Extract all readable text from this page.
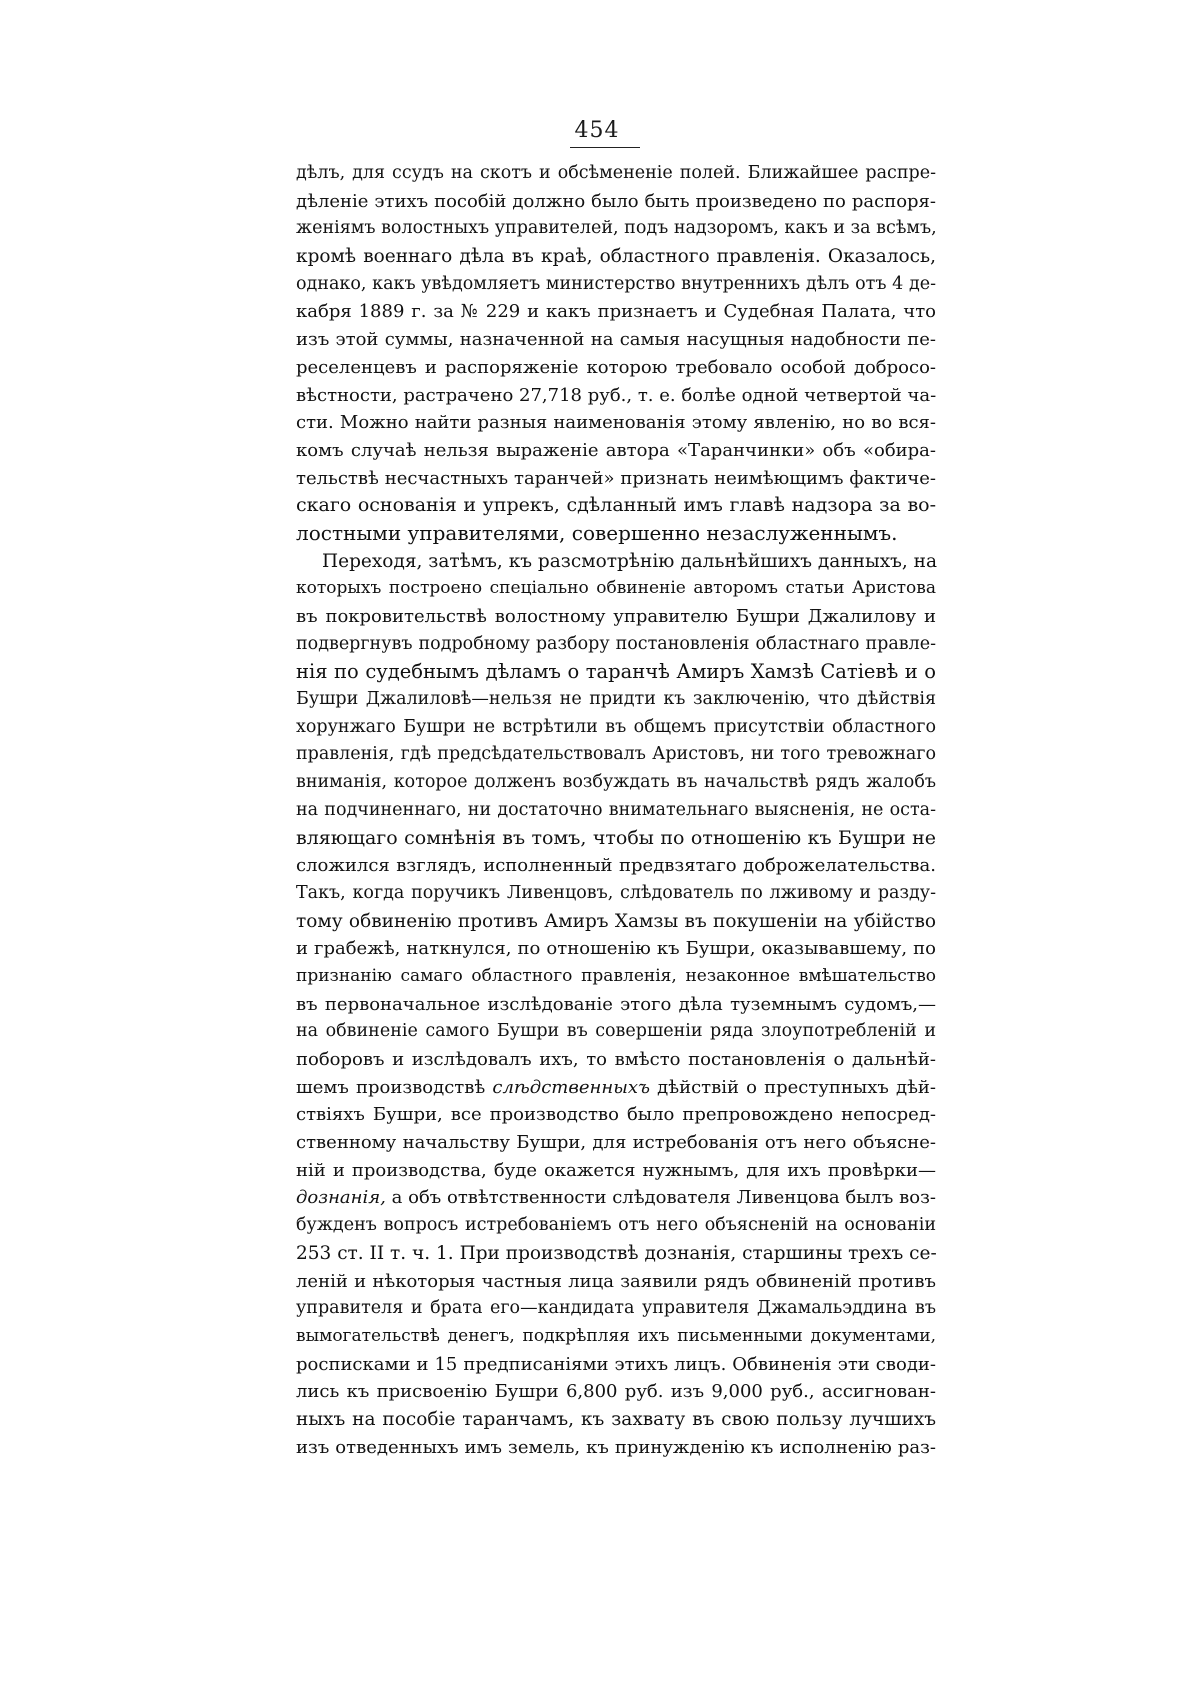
454
дѣлъ, для ссудъ на скотъ и обсѣмененіе полей. Ближайшее распре-
дѣленіе этихъ пособій должно было быть произведено по распоря-
женіямъ волостныхъ управителей, подъ надзоромъ, какъ и за всѣмъ,
кромѣ военнаго дѣла въ краѣ, областного правленія. Оказалось,
однако, какъ увѣдомляетъ министерство внутреннихъ дѣлъ отъ 4 де-
кабря 1889 г. за № 229 и какъ признаетъ и Судебная Палата, что
изъ этой суммы, назначенной на самыя насущныя надобности пе-
реселенцевъ и распоряженіе которою требовало особой добросо-
вѣстности, растрачено 27,718 руб., т. е. болѣе одной четвертой ча-
сти. Можно найти разныя наименованія этому явленію, но во вся-
комъ случаѣ нельзя выраженіе автора «Таранчинки» объ «обира-
тельствѣ несчастныхъ таранчей» признать неимѣющимъ фактиче-
скаго основанія и упрекъ, сдѣланный имъ главѣ надзора за во-
лостными управителями, совершенно незаслуженнымъ.
Переходя, затѣмъ, къ разсмотрѣнію дальнѣйшихъ данныхъ, на
которыхъ построено спеціально обвиненіе авторомъ статьи Аристова
въ покровительствѣ волостному управителю Бушри Джалилову и
подвергнувъ подробному разбору постановленія областнаго правле-
нія по судебнымъ дѣламъ о таранчѣ Амиръ Хамзѣ Сатіевѣ и о
Бушри Джалиловѣ—нельзя не придти къ заключенію, что дѣйствія
хорунжаго Бушри не встрѣтили въ общемъ присутствіи областного
правленія, гдѣ предсѣдательствовалъ Аристовъ, ни того тревожнаго
вниманія, которое долженъ возбуждать въ начальствѣ рядъ жалобъ
на подчиненнаго, ни достаточно внимательнаго выясненія, не оста-
вляющаго сомнѣнія въ томъ, чтобы по отношенію къ Бушри не
сложился взглядъ, исполненный предвзятаго доброжелательства.
Такъ, когда поручикъ Ливенцовъ, слѣдователь по лживому и разду-
тому обвиненію противъ Амиръ Хамзы въ покушеніи на убійство
и грабежѣ, наткнулся, по отношенію къ Бушри, оказывавшему, по
признанію самаго областного правленія, незаконное вмѣшательство
въ первоначальное изслѣдованіе этого дѣла туземнымъ судомъ,—
на обвиненіе самого Бушри въ совершеніи ряда злоупотребленій и
поборовъ и изслѣдовалъ ихъ, то вмѣсто постановленія о дальнѣй-
шемъ производствѣ слѣдственныхъ дѣйствій о преступныхъ дѣй-
ствіяхъ Бушри, все производство было препровождено непосред-
ственному начальству Бушри, для истребованія отъ него объясне-
ній и производства, буде окажется нужнымъ, для ихъ провѣрки—
дознанія, а объ отвѣтственности слѣдователя Ливенцова былъ воз-
бужденъ вопросъ истребованіемъ отъ него объясненій на основаніи
253 ст. II т. ч. 1. При производствѣ дознанія, старшины трехъ се-
леній и нѣкоторыя частныя лица заявили рядъ обвиненій противъ
управителя и брата его—кандидата управителя Джамальэддина въ
вымогательствѣ денегъ, подкрѣпляя ихъ письменными документами,
росписками и 15 предписаніями этихъ лицъ. Обвиненія эти своди-
лись къ присвоенію Бушри 6,800 руб. изъ 9,000 руб., ассигнован-
ныхъ на пособіе таранчамъ, къ захвату въ свою пользу лучшихъ
изъ отведенныхъ имъ земель, къ принужденію къ исполненію раз-
